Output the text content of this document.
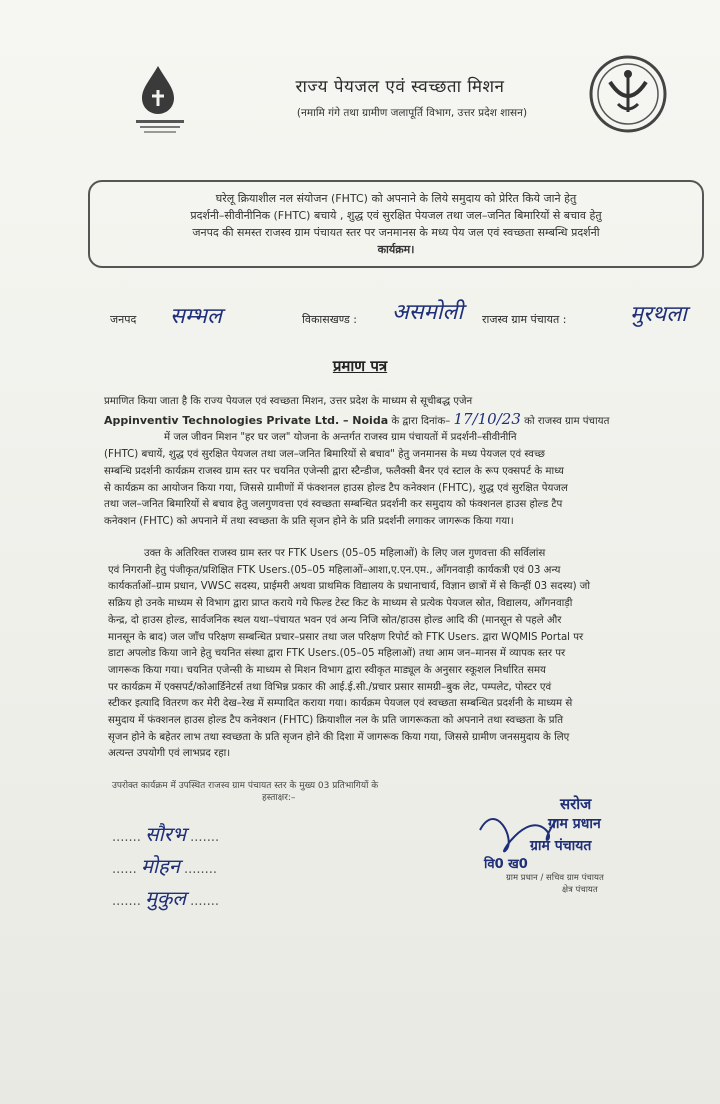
राज्य पेयजल एवं स्वच्छता मिशन
(नमामि गंगे तथा ग्रामीण जलापूर्ति विभाग, उत्तर प्रदेश शासन)
घरेलू क्रियाशील नल संयोजन (FHTC) को अपनाने के लिये समुदाय को प्रेरित किये जाने हेतु
प्रदर्शनी–सीवीनीनिक (FHTC) बचाये , शुद्ध एवं सुरक्षित पेयजल तथा जल–जनित बिमारियों से बचाव हेतु
जनपद की समस्त राजस्व ग्राम पंचायत स्तर पर जनमानस के मध्य पेय जल एवं स्वच्छता सम्बन्धि प्रदर्शनी
कार्यक्रम।
जनपद सम्भल	विकासखण्ड : असमोली राजस्व ग्राम पंचायत :	मुरथला
प्रमाण पत्र
प्रमाणित किया जाता है कि राज्य पेयजल एवं स्वच्छता मिशन, उत्तर प्रदेश के माध्यम से सूचीबद्ध एजेन
Appinventiv Technologies Private Ltd. – Noida के द्वारा दिनांक– 17/10/23 को राजस्व ग्राम पंचायत
में जल जीवन मिशन "हर घर जल" योजना के अन्तर्गत राजस्व ग्राम पंचायतों में प्रदर्शनी–सीवीनीनि
(FHTC) बचायें, शुद्ध एवं सुरक्षित पेयजल तथा जल–जनित बिमारियों से बचाव" हेतु जनमानस के मध्य पेयजल एवं स्वच्छ
सम्बन्धि प्रदर्शनी कार्यक्रम राजस्व ग्राम स्तर पर चयनित एजेन्सी द्वारा स्टैन्डीज, फलैक्सी बैनर एवं स्टाल के रूप एक्सपर्ट के माध्य
से कार्यक्रम का आयोजन किया गया, जिससे ग्रामीणों में फंक्शनल हाउस होल्ड टैप कनेक्शन (FHTC), शुद्ध एवं सुरक्षित पेयजल
तथा जल–जनित बिमारियों से बचाव हेतु जलगुणवत्ता एवं स्वच्छता सम्बन्धित प्रदर्शनी कर समुदाय को फंक्शनल हाउस होल्ड टैप
कनेक्शन (FHTC) को अपनाने में तथा स्वच्छता के प्रति सृजन होने के प्रति प्रदर्शनी लगाकर जागरूक किया गया।
उक्त के अतिरिक्त राजस्व ग्राम स्तर पर FTK Users (05–05 महिलाओं) के लिए जल गुणवत्ता की सर्विलांस
एवं निगरानी हेतु पंजीकृत/प्रशिक्षित FTK Users.(05–05 महिलाओं–आशा,ए.एन.एम., आँगनवाड़ी कार्यकत्री एवं 03 अन्य
कार्यकर्ताओं–ग्राम प्रधान, VWSC सदस्य, प्राईमरी अथवा प्राथमिक विद्यालय के प्रधानाचार्य, विज्ञान छात्रों में से किन्हीं 03 सदस्य) जो
सक्रिय हो उनके माध्यम से विभाग द्वारा प्राप्त कराये गये फिल्ड टेस्ट किट के माध्यम से प्रत्येक पेयजल स्रोत, विद्यालय, आँगनवाड़ी
केन्द्र, दो हाउस होल्ड, सार्वजनिक स्थल यथा–पंचायत भवन एवं अन्य निजि स्रोत/हाउस होल्ड आदि की (मानसून से पहले और
मानसून के बाद) जल जाँच परिक्षण सम्बन्धित प्रचार–प्रसार तथा जल परिक्षण रिपोर्ट को FTK Users. द्वारा WQMIS Portal पर
डाटा अपलोड किया जाने हेतु चयनित संस्था द्वारा FTK Users.(05–05 महिलाओं) तथा आम जन–मानस में व्यापक स्तर पर
जागरूक किया गया। चयनित एजेन्सी के माध्यम से मिशन विभाग द्वारा स्वीकृत माड्यूल के अनुसार स्कूशल निर्धारित समय
पर कार्यक्रम में एक्सपर्ट/कोआर्डिनेटर्स तथा विभिन्न प्रकार की आई.ई.सी./प्रचार प्रसार सामग्री–बुक लेट, पम्पलेट, पोस्टर एवं
स्टीकर इत्यादि वितरण कर मेरी देख–रेख में सम्पादित कराया गया। कार्यक्रम पेयजल एवं स्वच्छता सम्बन्धित प्रदर्शनी के माध्यम से
समुदाय में फंक्शनल हाउस होल्ड टैप कनेक्शन (FHTC) क्रियाशील नल के प्रति जागरूकता को अपनाने तथा स्वच्छता के प्रति
सृजन होने के बहेतर लाभ तथा स्वच्छता के प्रति सृजन होने की दिशा में जागरूक किया गया, जिससे ग्रामीण जनसमुदाय के लिए
अत्यन्त उपयोगी एवं लाभप्रद रहा।
उपरोक्त कार्यक्रम में उपस्थित राजस्व ग्राम पंचायत स्तर के मुख्य 03 प्रतिभागियों के
हस्ताक्षर:–
....... सौरभ .......
...... मोहन ........
....... मुकुल .......
सरोज
ग्राम प्रधान
ग्राम पंचायत
वि0 ख0
ग्राम प्रधान / सचिव ग्राम पंचायत
क्षेत्र पंचायत
